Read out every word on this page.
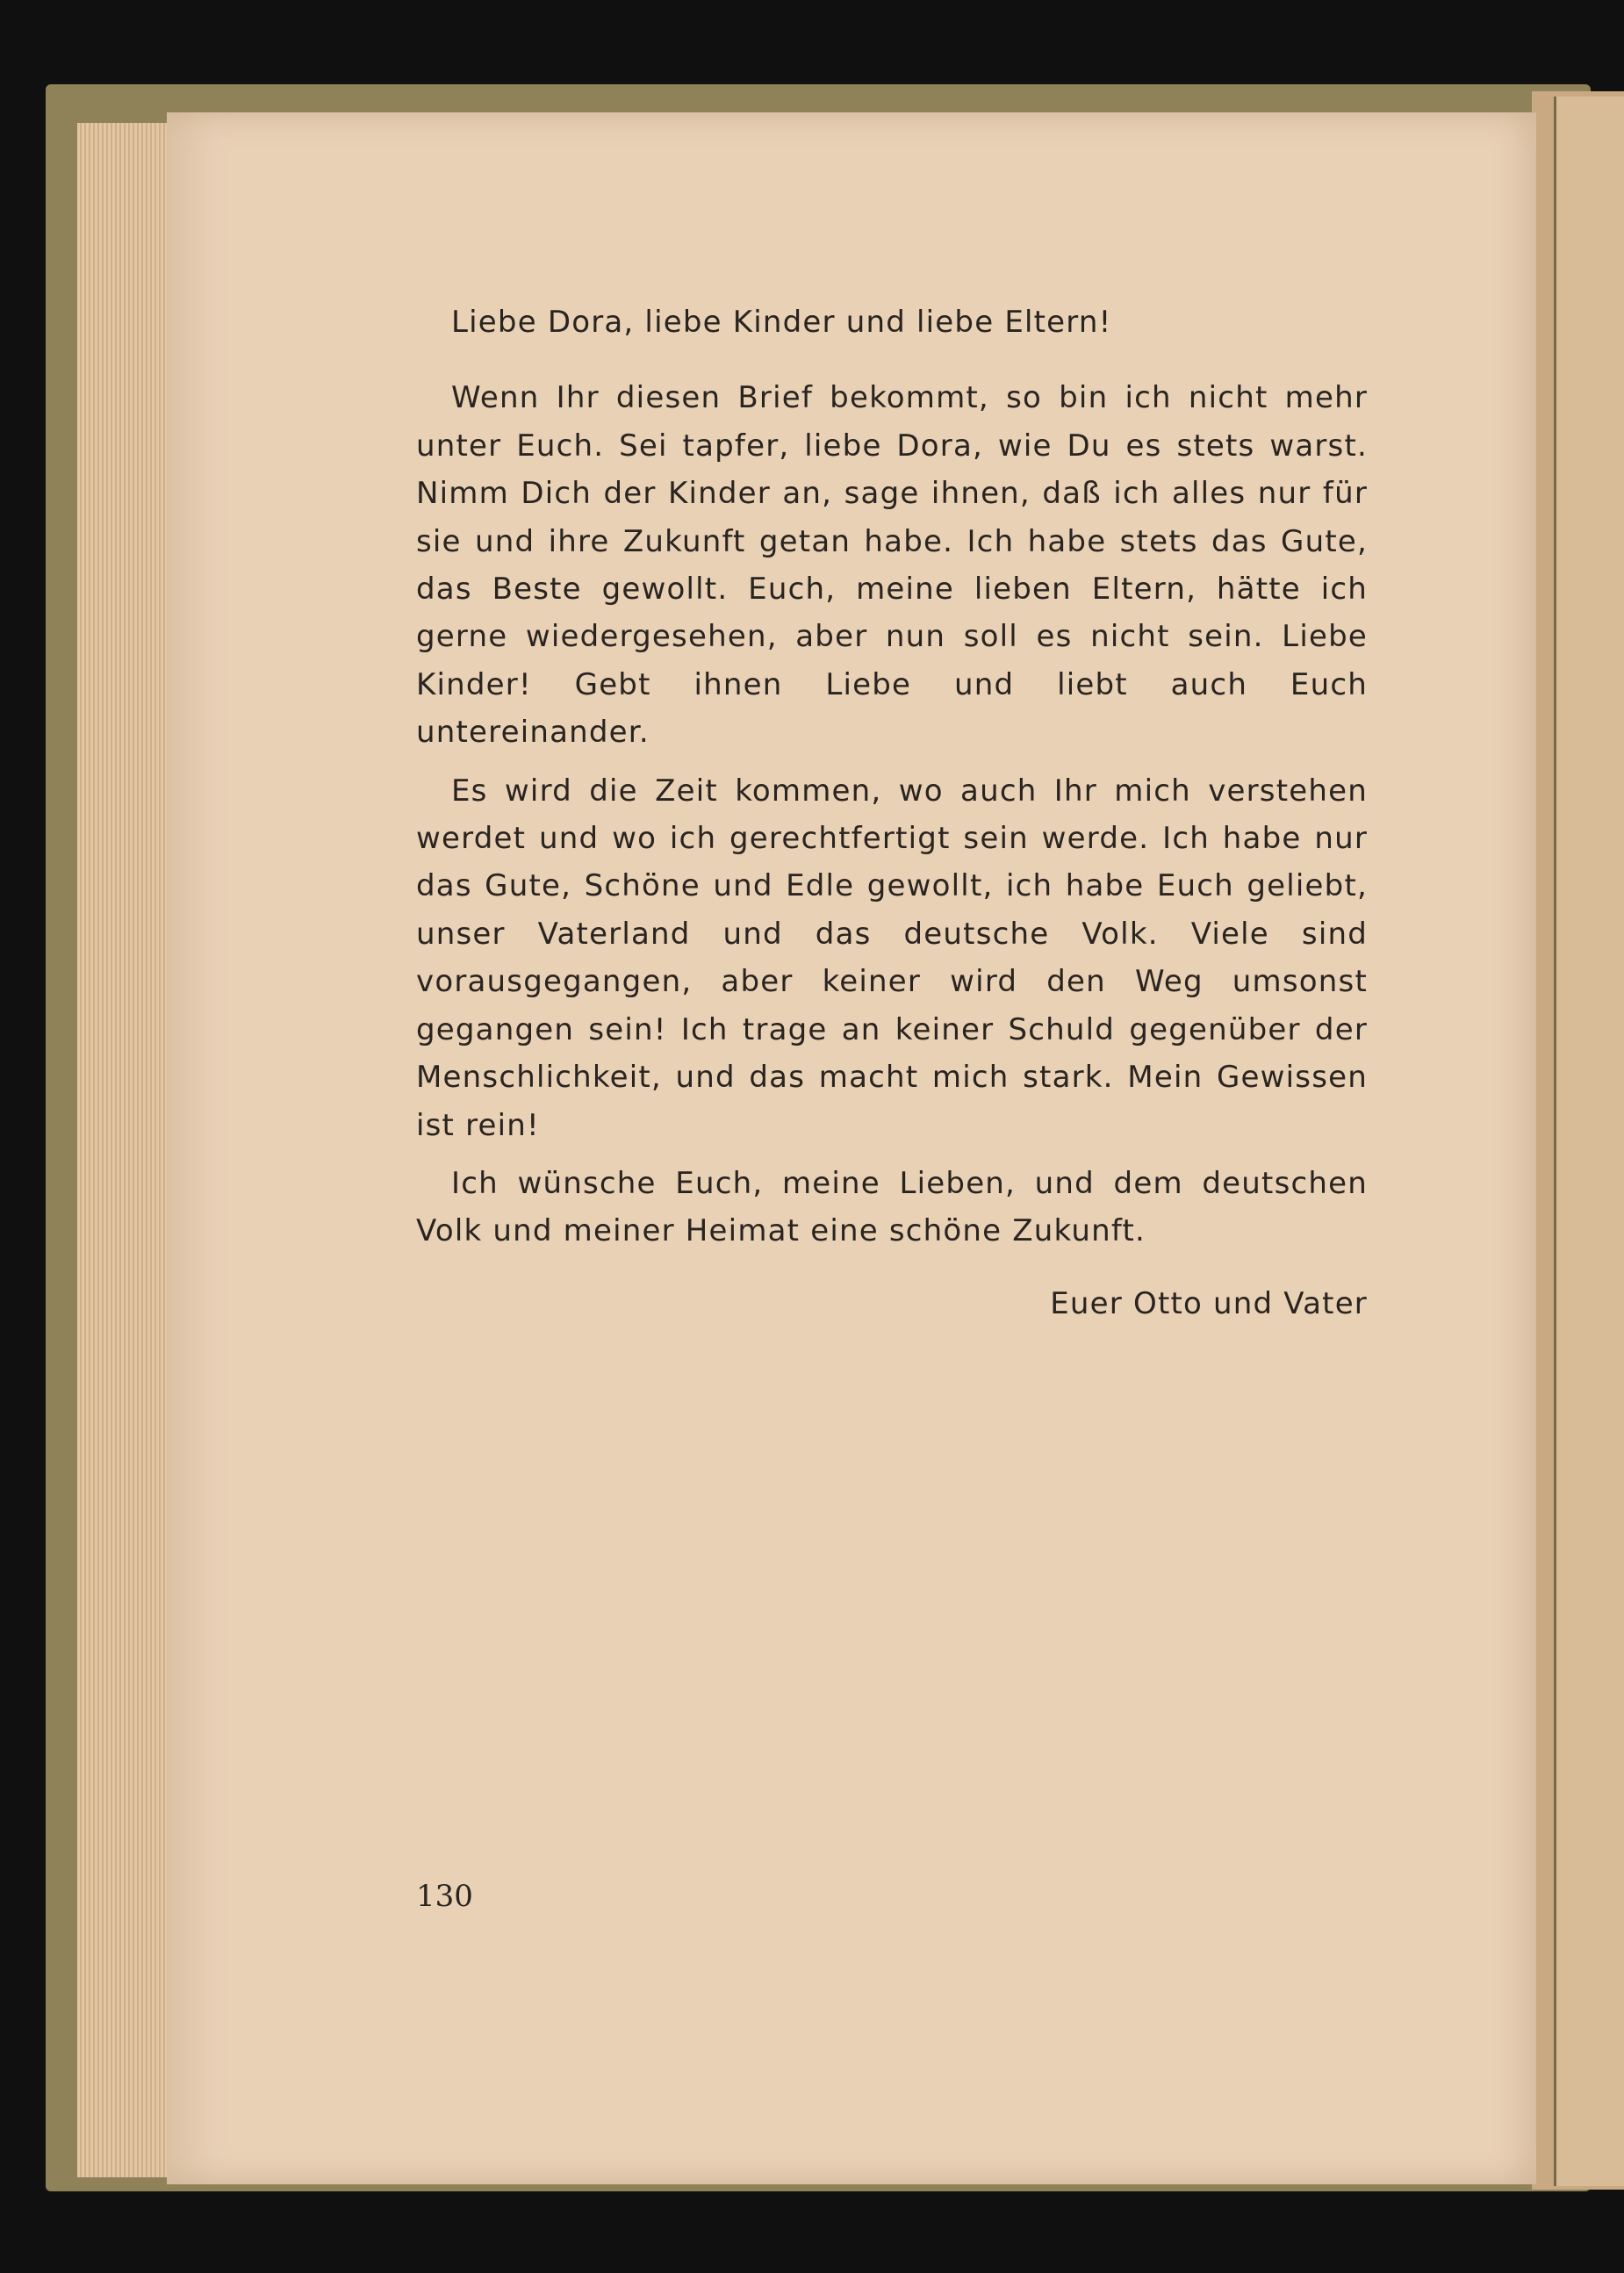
Liebe Dora, liebe Kinder und liebe Eltern!

Wenn Ihr diesen Brief bekommt, so bin ich nicht mehr unter Euch. Sei tapfer, liebe Dora, wie Du es stets warst. Nimm Dich der Kinder an, sage ihnen, daß ich alles nur für sie und ihre Zukunft getan habe. Ich habe stets das Gute, das Beste gewollt. Euch, meine lieben Eltern, hätte ich gerne wiedergesehen, aber nun soll es nicht sein. Liebe Kinder! Gebt ihnen Liebe und liebt auch Euch untereinander.

Es wird die Zeit kommen, wo auch Ihr mich verstehen werdet und wo ich gerechtfertigt sein werde. Ich habe nur das Gute, Schöne und Edle gewollt, ich habe Euch geliebt, unser Vaterland und das deutsche Volk. Viele sind vorausgegangen, aber keiner wird den Weg umsonst gegangen sein! Ich trage an keiner Schuld gegenüber der Menschlichkeit, und das macht mich stark. Mein Gewissen ist rein!

Ich wünsche Euch, meine Lieben, und dem deutschen Volk und meiner Heimat eine schöne Zukunft.

Euer Otto und Vater

130
